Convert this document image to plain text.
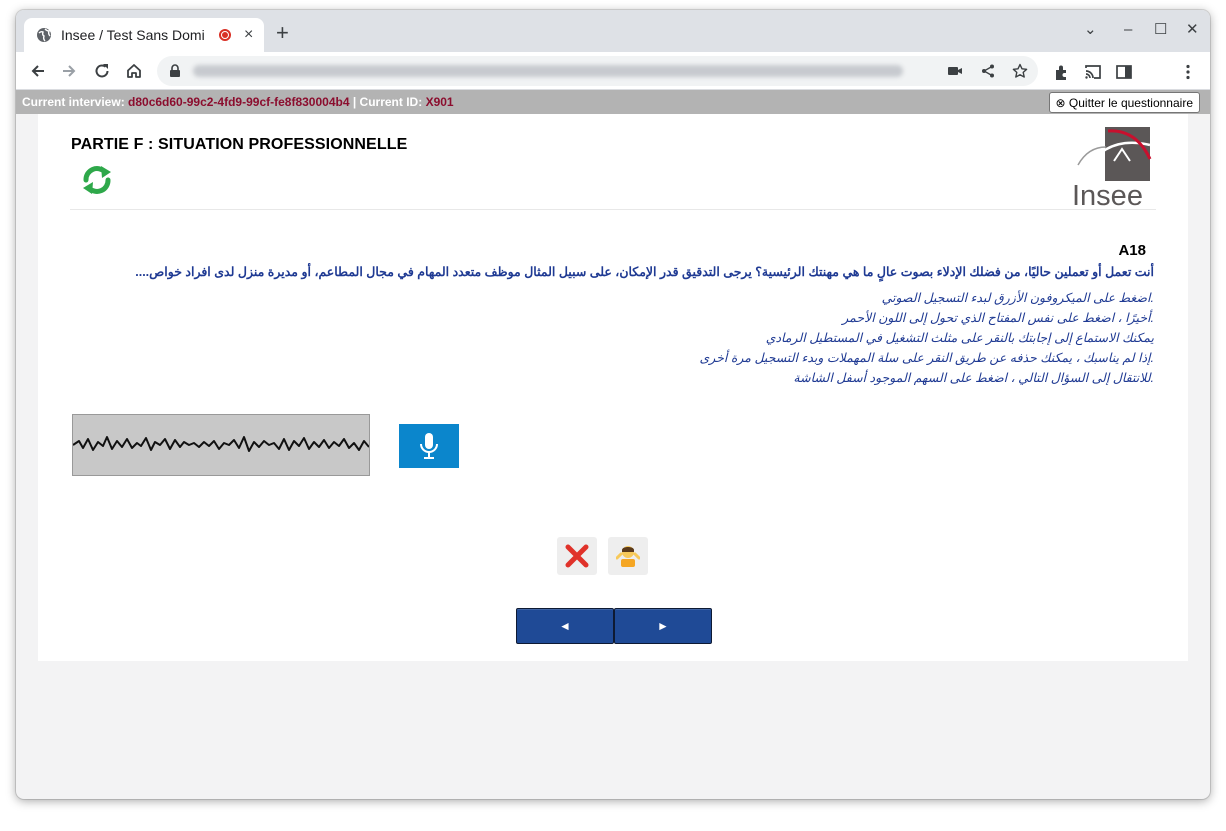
Insee / Test Sans Domi	× +	⌄ – ☐ ✕
Current interview: d80c6d60-99c2-4fd9-99cf-fe8f830004b4 | Current ID: X901	⊗ Quitter le questionnaire
PARTIE F : SITUATION PROFESSIONNELLE
Insee
A18
أنت تعمل أو تعملين حاليًا، من فضلك الإدلاء بصوت عالٍ ما هي مهنتك الرئيسية؟ يرجى التدقيق قدر الإمكان، على سبيل المثال موظف متعدد المهام في مجال المطاعم، أو مديرة منزل لدى افراد خواص....
.اضغط على الميكروفون الأزرق لبدء التسجيل الصوتي
.أخيرًا ، اضغط على نفس المفتاح الذي تحول إلى اللون الأحمر
يمكنك الاستماع إلى إجابتك بالنقر على مثلث التشغيل في المستطيل الرمادي
.إذا لم يناسبك ، يمكنك حذفه عن طريق النقر على سلة المهملات وبدء التسجيل مرة أخرى
.للانتقال إلى السؤال التالي ، اضغط على السهم الموجود أسفل الشاشة
◄	►
